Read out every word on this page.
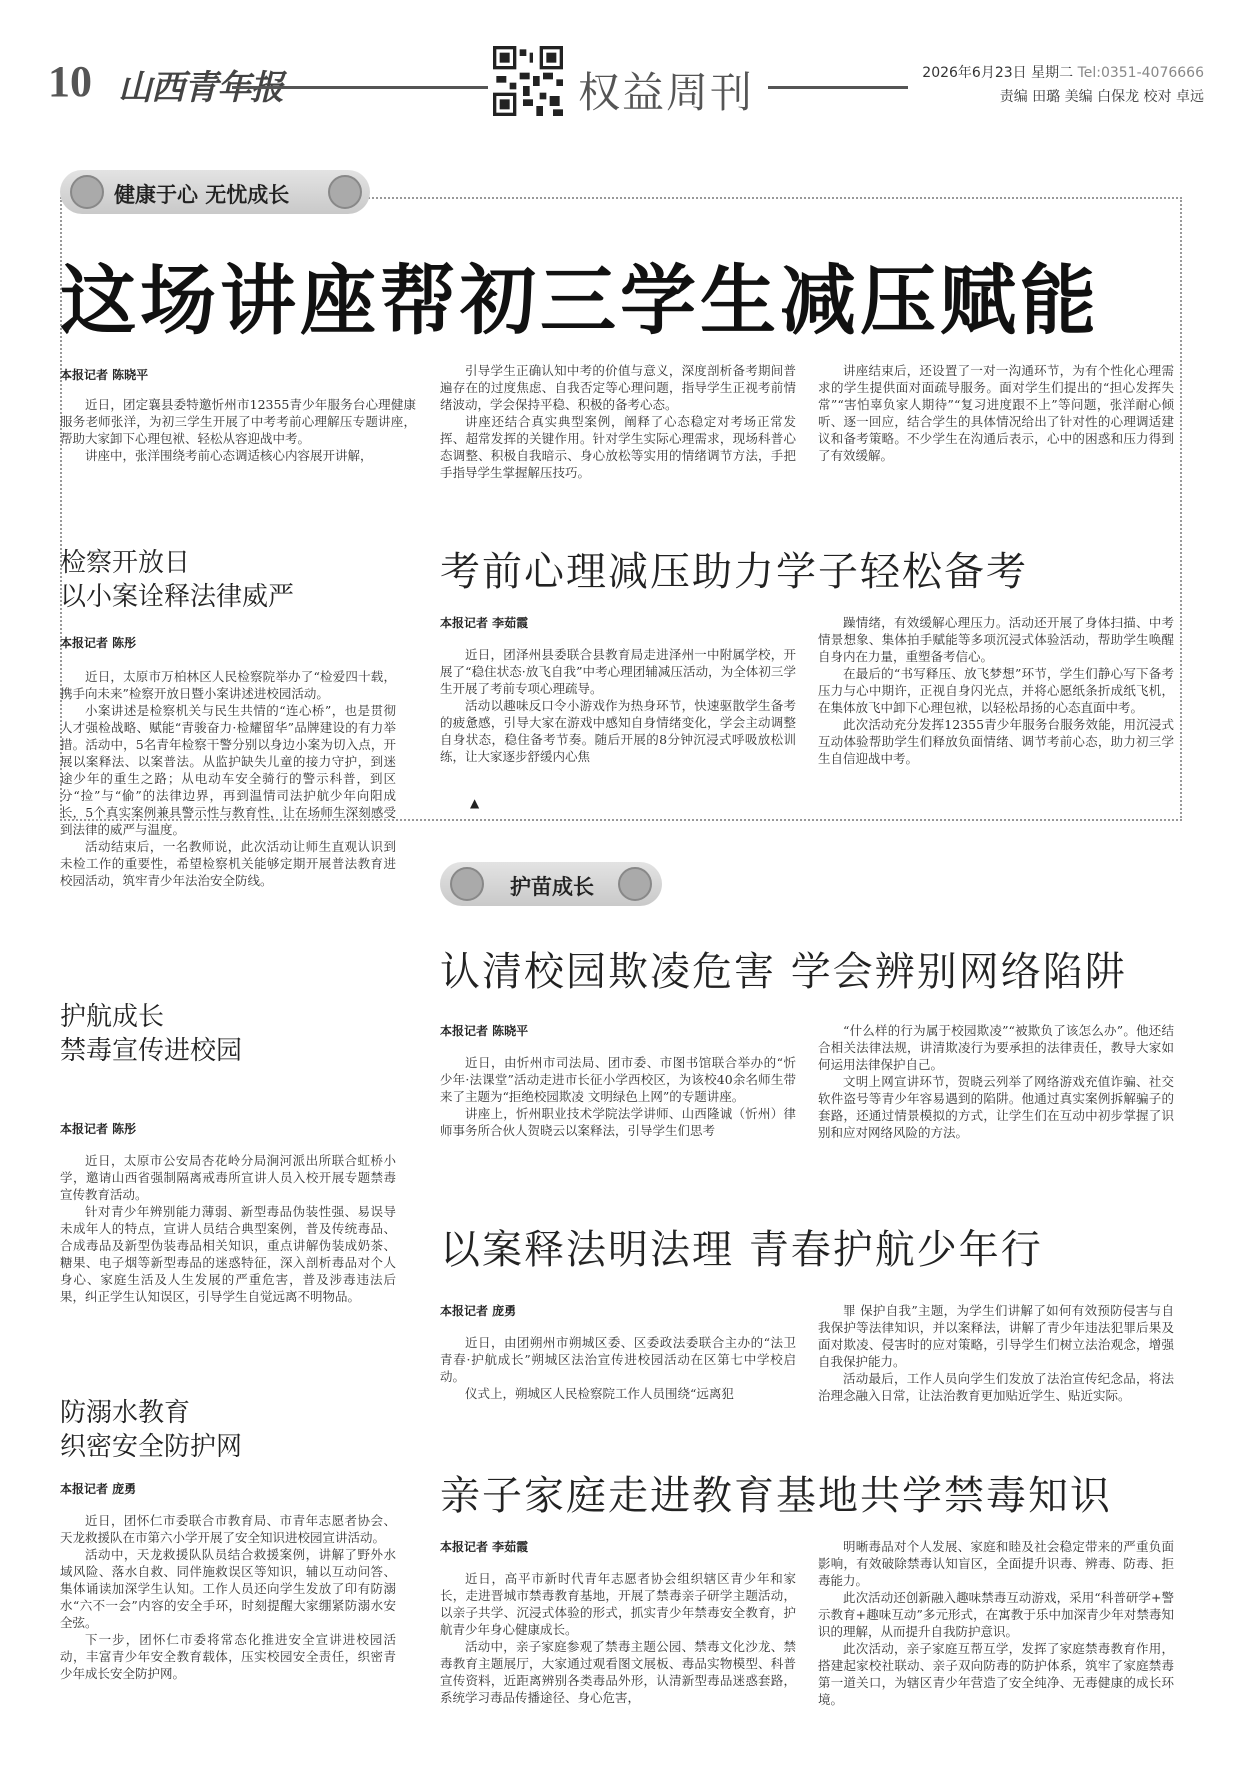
10 山西青年报	权益周刊	2026年6月23日 星期二 Tel:0351-4076666
责编 田璐 美编 白保龙 校对 卓远
健康于心 无忧成长
这场讲座帮初三学生减压赋能
本报记者 陈晓平

近日，团定襄县委特邀忻州市12355青少年服务台心理健康服务老师张洋，为初三学生开展了中考考前心理解压专题讲座，帮助大家卸下心理包袱、轻松从容迎战中考。

讲座中，张洋围绕考前心态调适核心内容展开讲解，

引导学生正确认知中考的价值与意义，深度剖析备考期间普遍存在的过度焦虑、自我否定等心理问题，指导学生正视考前情绪波动，学会保持平稳、积极的备考心态。

讲座还结合真实典型案例，阐释了心态稳定对考场正常发挥、超常发挥的关键作用。针对学生实际心理需求，现场科普心态调整、积极自我暗示、身心放松等实用的情绪调节方法，手把手指导学生掌握解压技巧。

讲座结束后，还设置了一对一沟通环节，为有个性化心理需求的学生提供面对面疏导服务。面对学生们提出的“担心发挥失常”“害怕辜负家人期待”“复习进度跟不上”等问题，张洋耐心倾听、逐一回应，结合学生的具体情况给出了针对性的心理调适建议和备考策略。不少学生在沟通后表示，心中的困惑和压力得到了有效缓解。

考前心理减压助力学子轻松备考
本报记者 李茹霞

近日，团泽州县委联合县教育局走进泽州一中附属学校，开展了“稳住状态·放飞自我”中考心理团辅减压活动，为全体初三学生开展了考前专项心理疏导。

活动以趣味反口令小游戏作为热身环节，快速驱散学生备考的疲惫感，引导大家在游戏中感知自身情绪变化，学会主动调整自身状态，稳住备考节奏。随后开展的8分钟沉浸式呼吸放松训练，让大家逐步舒缓内心焦

▲

躁情绪，有效缓解心理压力。活动还开展了身体扫描、中考情景想象、集体拍手赋能等多项沉浸式体验活动，帮助学生唤醒自身内在力量，重塑备考信心。

在最后的“书写释压、放飞梦想”环节，学生们静心写下备考压力与心中期许，正视自身闪光点，并将心愿纸条折成纸飞机，在集体放飞中卸下心理包袱，以轻松昂扬的心态直面中考。

此次活动充分发挥12355青少年服务台服务效能，用沉浸式互动体验帮助学生们释放负面情绪、调节考前心态，助力初三学生自信迎战中考。

检察开放日
以小案诠释法律威严
本报记者 陈彤

近日，太原市万柏林区人民检察院举办了“检爱四十载，携手向未来”检察开放日暨小案讲述进校园活动。

小案讲述是检察机关与民生共情的“连心桥”，也是贯彻人才强检战略、赋能“青骏奋力·检耀留华”品牌建设的有力举措。活动中，5名青年检察干警分别以身边小案为切入点，开展以案释法、以案普法。从监护缺失儿童的接力守护，到迷途少年的重生之路；从电动车安全骑行的警示科普，到区分“捡”与“偷”的法律边界，再到温情司法护航少年向阳成长，5个真实案例兼具警示性与教育性，让在场师生深刻感受到法律的威严与温度。

活动结束后，一名教师说，此次活动让师生直观认识到未检工作的重要性，希望检察机关能够定期开展普法教育进校园活动，筑牢青少年法治安全防线。

护航成长
禁毒宣传进校园
本报记者 陈彤

近日，太原市公安局杏花岭分局涧河派出所联合虹桥小学，邀请山西省强制隔离戒毒所宣讲人员入校开展专题禁毒宣传教育活动。

针对青少年辨别能力薄弱、新型毒品伪装性强、易误导未成年人的特点，宣讲人员结合典型案例，普及传统毒品、合成毒品及新型伪装毒品相关知识，重点讲解伪装成奶茶、糖果、电子烟等新型毒品的迷惑特征，深入剖析毒品对个人身心、家庭生活及人生发展的严重危害，普及涉毒违法后果，纠正学生认知误区，引导学生自觉远离不明物品。

防溺水教育
织密安全防护网
本报记者 庞勇

近日，团怀仁市委联合市教育局、市青年志愿者协会、天龙救援队在市第六小学开展了安全知识进校园宣讲活动。

活动中，天龙救援队队员结合救援案例，讲解了野外水域风险、落水自救、同伴施救误区等知识，辅以互动问答、集体诵读加深学生认知。工作人员还向学生发放了印有防溺水“六不一会”内容的安全手环，时刻提醒大家绷紧防溺水安全弦。

下一步，团怀仁市委将常态化推进安全宣讲进校园活动，丰富青少年安全教育载体，压实校园安全责任，织密青少年成长安全防护网。

护苗成长
认清校园欺凌危害 学会辨别网络陷阱
本报记者 陈晓平

近日，由忻州市司法局、团市委、市图书馆联合举办的“忻少年·法课堂”活动走进市长征小学西校区，为该校40余名师生带来了主题为“拒绝校园欺凌 文明绿色上网”的专题讲座。

讲座上，忻州职业技术学院法学讲师、山西隆诚（忻州）律师事务所合伙人贺晓云以案释法，引导学生们思考

“什么样的行为属于校园欺凌”“被欺负了该怎么办”。他还结合相关法律法规，讲清欺凌行为要承担的法律责任，教导大家如何运用法律保护自己。

文明上网宣讲环节，贺晓云列举了网络游戏充值诈骗、社交软件盗号等青少年容易遇到的陷阱。他通过真实案例拆解骗子的套路，还通过情景模拟的方式，让学生们在互动中初步掌握了识别和应对网络风险的方法。

以案释法明法理 青春护航少年行
本报记者 庞勇

近日，由团朔州市朔城区委、区委政法委联合主办的“法卫青春·护航成长”朔城区法治宣传进校园活动在区第七中学校启动。

仪式上，朔城区人民检察院工作人员围绕“远离犯

罪 保护自我”主题，为学生们讲解了如何有效预防侵害与自我保护等法律知识，并以案释法，讲解了青少年违法犯罪后果及面对欺凌、侵害时的应对策略，引导学生们树立法治观念，增强自我保护能力。

活动最后，工作人员向学生们发放了法治宣传纪念品，将法治理念融入日常，让法治教育更加贴近学生、贴近实际。

亲子家庭走进教育基地共学禁毒知识
本报记者 李茹霞

近日，高平市新时代青年志愿者协会组织辖区青少年和家长，走进晋城市禁毒教育基地，开展了禁毒亲子研学主题活动，以亲子共学、沉浸式体验的形式，抓实青少年禁毒安全教育，护航青少年身心健康成长。

活动中，亲子家庭参观了禁毒主题公园、禁毒文化沙龙、禁毒教育主题展厅，大家通过观看图文展板、毒品实物模型、科普宣传资料，近距离辨别各类毒品外形，认清新型毒品迷惑套路，系统学习毒品传播途径、身心危害，

明晰毒品对个人发展、家庭和睦及社会稳定带来的严重负面影响，有效破除禁毒认知盲区，全面提升识毒、辨毒、防毒、拒毒能力。

此次活动还创新融入趣味禁毒互动游戏，采用“科普研学+警示教育+趣味互动”多元形式，在寓教于乐中加深青少年对禁毒知识的理解，从而提升自我防护意识。

此次活动，亲子家庭互帮互学，发挥了家庭禁毒教育作用，搭建起家校社联动、亲子双向防毒的防护体系，筑牢了家庭禁毒第一道关口，为辖区青少年营造了安全纯净、无毒健康的成长环境。
